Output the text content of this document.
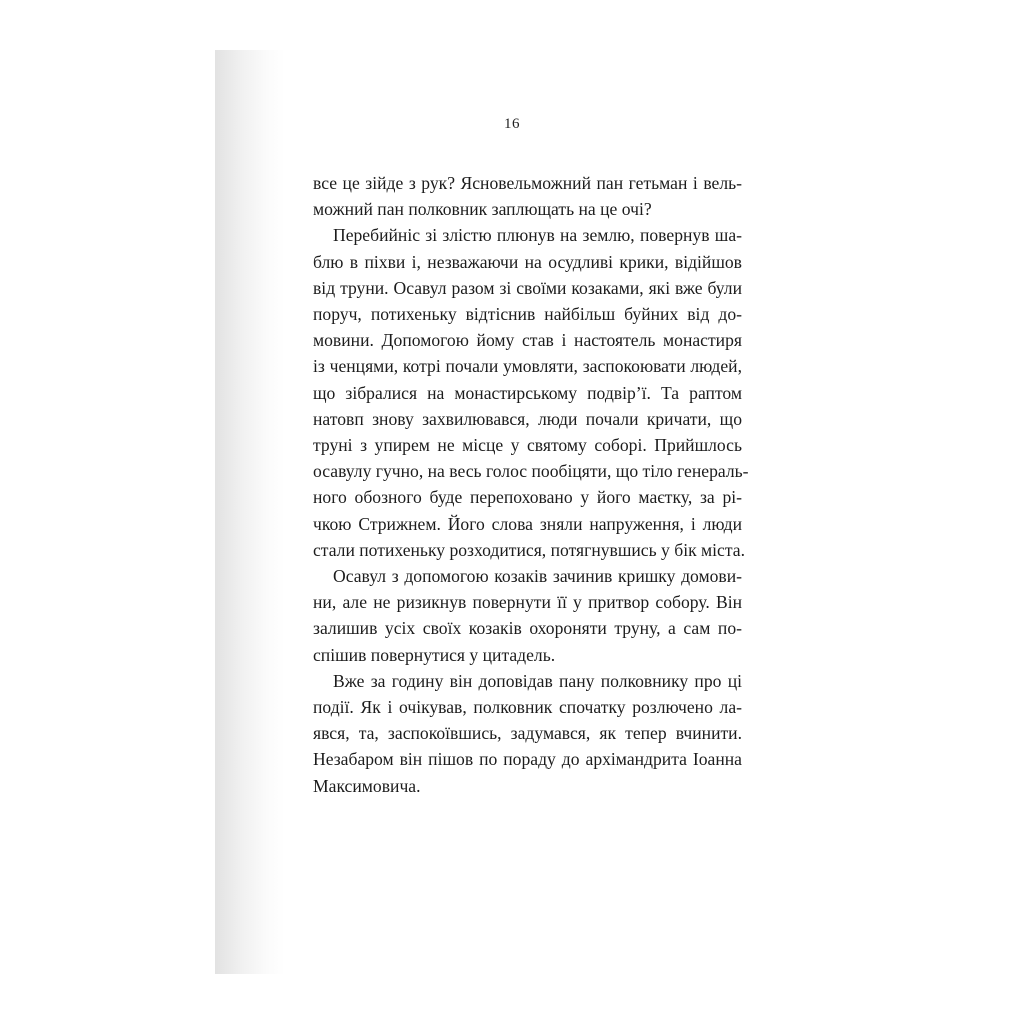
16
все це зійде з рук? Ясновельможний пан гетьман і вель-
можний пан полковник заплющать на це очі?
Перебийніс зі злістю плюнув на землю, повернув ша-
блю в піхви і, незважаючи на осудливі крики, відійшов
від труни. Осавул разом зі своїми козаками, які вже були
поруч, потихеньку відтіснив найбільш буйних від до-
мовини. Допомогою йому став і настоятель монастиря
із ченцями, котрі почали умовляти, заспокоювати людей,
що зібралися на монастирському подвір’ї. Та раптом
натовп знову захвилювався, люди почали кричати, що
труні з упирем не місце у святому соборі. Прийшлось
осавулу гучно, на весь голос пообіцяти, що тіло генераль-
ного обозного буде перепоховано у його маєтку, за рі-
чкою Стрижнем. Його слова зняли напруження, і люди
стали потихеньку розходитися, потягнувшись у бік міста.
Осавул з допомогою козаків зачинив кришку домови-
ни, але не ризикнув повернути її у притвор собору. Він
залишив усіх своїх козаків охороняти труну, а сам по-
спішив повернутися у цитадель.
Вже за годину він доповідав пану полковнику про ці
події. Як і очікував, полковник спочатку розлючено ла-
явся, та, заспокоївшись, задумався, як тепер вчинити.
Незабаром він пішов по пораду до архімандрита Іоанна
Максимовича.
